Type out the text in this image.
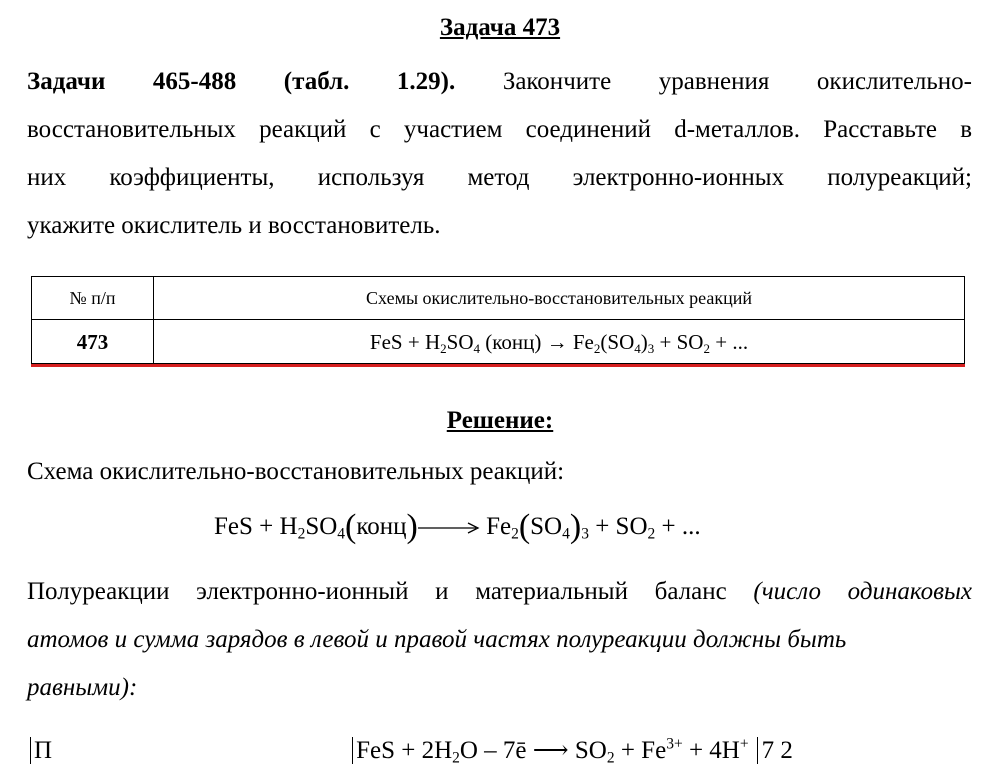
Задача 473
Задачи 465-488 (табл. 1.29). Закончите уравнения окислительно-
восстановительных реакций с участием соединений d-металлов. Расставьте в
них коэффициенты, используя метод электронно-ионных полуреакций;
укажите окислитель и восстановитель.
№ п/п	Схемы окислительно-восстановительных реакций
473	FeS + $H_2SO_4$ (конц) → $Fe_2(SO_4)_3 + SO_2$ + ...
Решение:
Схема окислительно-восстановительных реакций:
FeS + $H_2SO_4(конц)\to Fe_2(SO_4)_3 + SO_2$ + ...
Полуреакции электронно-ионный и материальный баланс (число одинаковых
атомов и сумма зарядов в левой и правой частях полуреакции должны быть
равными):
П	FeS + $2H_2O$ – 7ē ⟶ $SO_2 + Fe^{3+} + 4H^+$ 7 2
